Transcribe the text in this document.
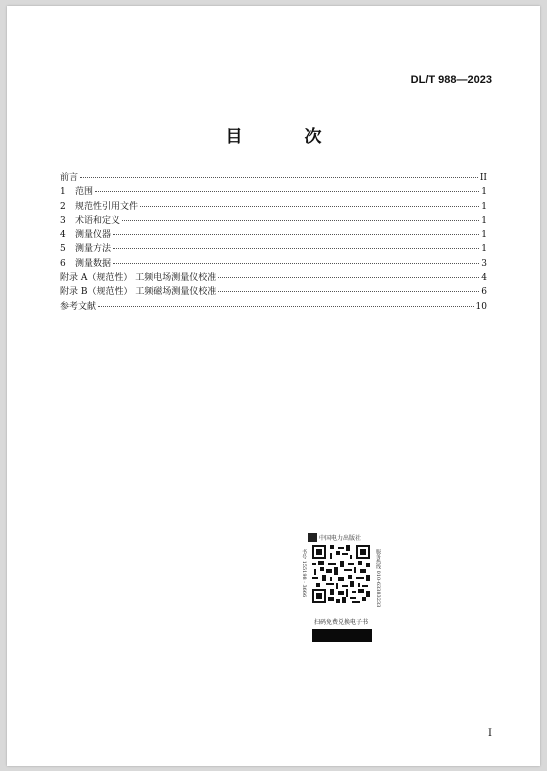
DL/T 988—2023
目 次
前言	II
1	范围	1
2	规范性引用文件	1
3	术语和定义	1
4	测量仪器	1
5	测量方法	1
6	测量数据	3
附录 A（规范性） 工频电场测量仪校准	4
附录 B（规范性） 工频磁场测量仪校准	6
参考文献	10
中国电力出版社
书号 155198 · 3666	服务热线 010-63383233
扫码免费兑换电子书
I
